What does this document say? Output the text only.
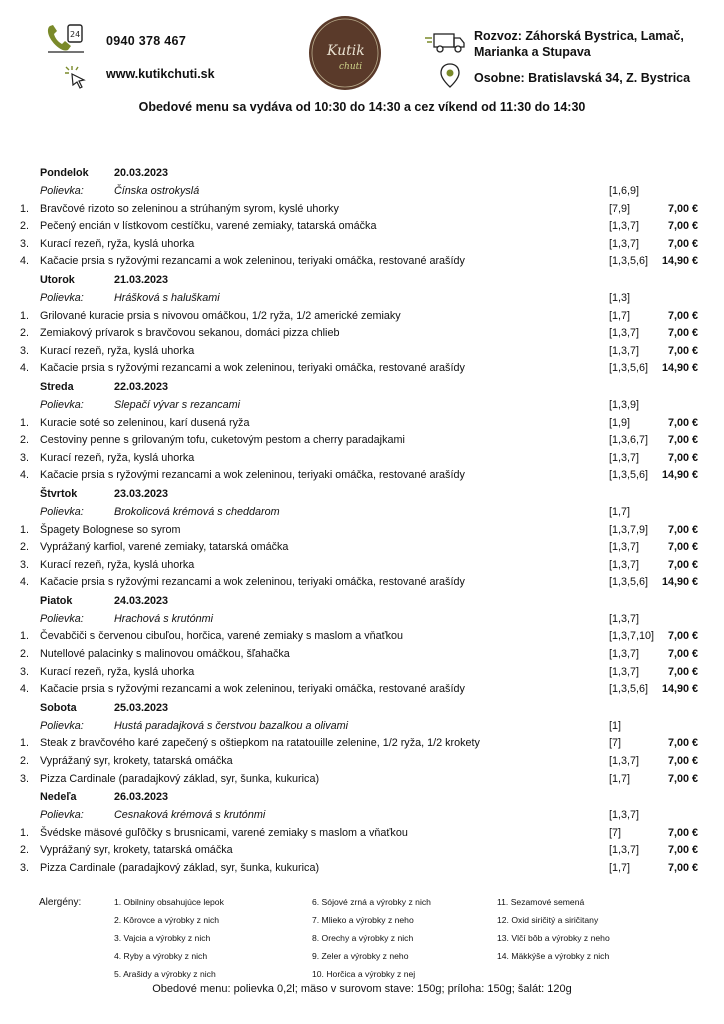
24 0940 378 467
www.kutikchuti.sk
Kutik
chuti
Rozvoz: Záhorská Bystrica, Lamač, Marianka a Stupava
Osobne: Bratislavská 34, Z. Bystrica
Obedové menu sa vydáva od 10:30 do 14:30 a cez víkend od 11:30 do 14:30
Pondelok 20.03.2023
Polievka:	Čínska ostrokyslá	[1,6,9]
1. Bravčové rizoto so zeleninou a strúhaným syrom, kyslé uhorky	[7,9]	7,00 €
2. Pečený encián v lístkovom cestíčku, varené zemiaky, tatarská omáčka	[1,3,7]	7,00 €
3. Kurací rezeň, ryža, kyslá uhorka	[1,3,7]	7,00 €
4. Kačacie prsia s ryžovými rezancami a wok zeleninou, teriyaki omáčka, restované arašídy	[1,3,5,6] 14,90 €
Utorok	21.03.2023
Polievka:	Hrášková s haluškami	[1,3]
1. Grilované kuracie prsia s nivovou omáčkou, 1/2 ryža, 1/2 americké zemiaky	[1,7]	7,00 €
2. Zemiakový prívarok s bravčovou sekanou, domáci pizza chlieb	[1,3,7]	7,00 €
3. Kurací rezeň, ryža, kyslá uhorka	[1,3,7]	7,00 €
4. Kačacie prsia s ryžovými rezancami a wok zeleninou, teriyaki omáčka, restované arašídy	[1,3,5,6] 14,90 €
Streda	22.03.2023
Polievka:	Slepačí vývar s rezancami	[1,3,9]
1. Kuracie soté so zeleninou, karí dusená ryža	[1,9]	7,00 €
2. Cestoviny penne s grilovaným tofu, cuketovým pestom a cherry paradajkami	[1,3,6,7] 7,00 €
3. Kurací rezeň, ryža, kyslá uhorka	[1,3,7]	7,00 €
4. Kačacie prsia s ryžovými rezancami a wok zeleninou, teriyaki omáčka, restované arašídy	[1,3,5,6] 14,90 €
Štvrtok	23.03.2023
Polievka:	Brokolicová krémová s cheddarom	[1,7]
1. Špagety Bolognese so syrom	[1,3,7,9] 7,00 €
2. Vyprážaný karfiol, varené zemiaky, tatarská omáčka	[1,3,7]	7,00 €
3. Kurací rezeň, ryža, kyslá uhorka	[1,3,7]	7,00 €
4. Kačacie prsia s ryžovými rezancami a wok zeleninou, teriyaki omáčka, restované arašídy	[1,3,5,6] 14,90 €
Piatok	24.03.2023
Polievka:	Hrachová s krutónmi	[1,3,7]
1. Čevabčiči s červenou cibuľou, horčica, varené zemiaky s maslom a vňaťkou	[1,3,7,10] 7,00 €
2. Nutellové palacinky s malinovou omáčkou, šľahačka	[1,3,7]	7,00 €
3. Kurací rezeň, ryža, kyslá uhorka	[1,3,7]	7,00 €
4. Kačacie prsia s ryžovými rezancami a wok zeleninou, teriyaki omáčka, restované arašídy	[1,3,5,6] 14,90 €
Sobota	25.03.2023
Polievka:	Hustá paradajková s čerstvou bazalkou a olivami	[1]
1. Steak z bravčového karé zapečený s oštiepkom na ratatouille zelenine, 1/2 ryža, 1/2 krokety	[7]	7,00 €
2. Vyprážaný syr, krokety, tatarská omáčka	[1,3,7]	7,00 €
3. Pizza Cardinale (paradajkový základ, syr, šunka, kukurica)	[1,7]	7,00 €
Nedeľa	26.03.2023
Polievka:	Cesnaková krémová s krutónmi	[1,3,7]
1. Švédske mäsové guľôčky s brusnicami, varené zemiaky s maslom a vňaťkou	[7]	7,00 €
2. Vyprážaný syr, krokety, tatarská omáčka	[1,3,7]	7,00 €
3. Pizza Cardinale (paradajkový základ, syr, šunka, kukurica)	[1,7]	7,00 €
Alergény:	1. Obilniny obsahujúce lepok
2. Kôrovce a výrobky z nich
3. Vajcia a výrobky z nich
4. Ryby a výrobky z nich
5. Arašidy a výrobky z nich
6. Sójové zrná a výrobky z nich
7. Mlieko a výrobky z neho
8. Orechy a výrobky z nich
9. Zeler a výrobky z neho
10. Horčica a výrobky z nej
11. Sezamové semená
12. Oxid siričitý a siričitany
13. Vlčí bôb a výrobky z neho
14. Mäkkýše a výrobky z nich
Obedové menu: polievka 0,2l; mäso v surovom stave: 150g; príloha: 150g; šalát: 120g
